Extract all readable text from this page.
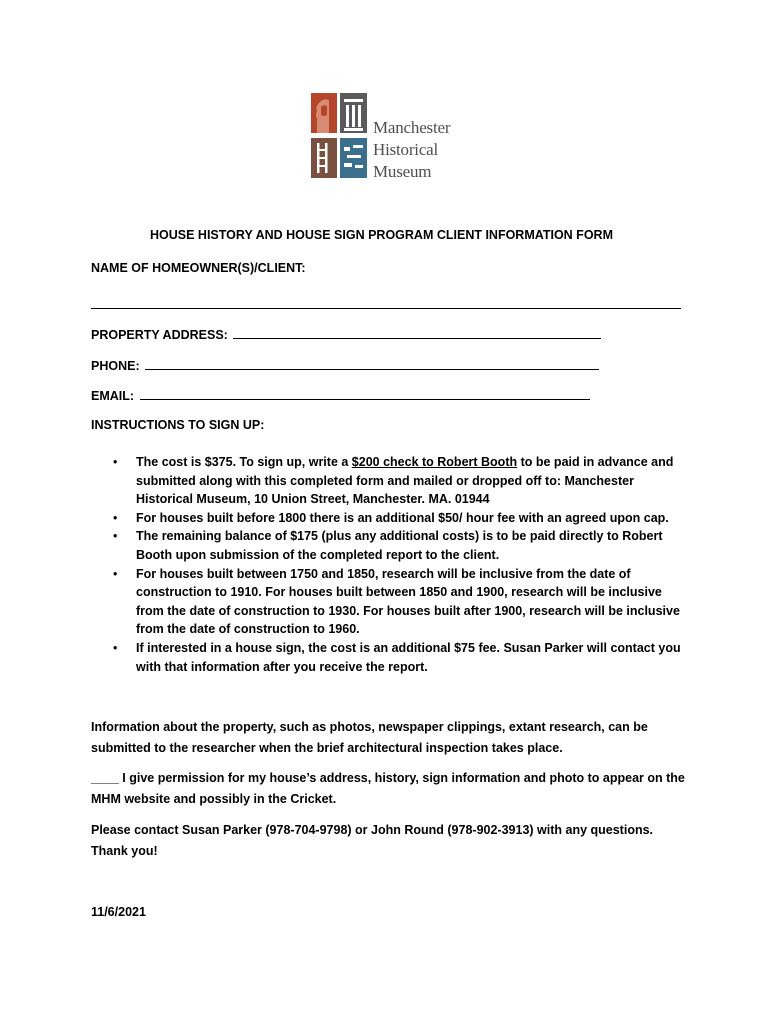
Manchester
Historical
Museum
HOUSE HISTORY AND HOUSE SIGN PROGRAM CLIENT INFORMATION FORM
NAME OF HOMEOWNER(S)/CLIENT:
PROPERTY ADDRESS:
PHONE:
EMAIL:
INSTRUCTIONS TO SIGN UP:
• The cost is $375. To sign up, write a $200 check to Robert Booth to be paid in advance and submitted along with this completed form and mailed or dropped off to: Manchester Historical Museum, 10 Union Street, Manchester. MA. 01944
• For houses built before 1800 there is an additional $50/ hour fee with an agreed upon cap.
• The remaining balance of $175 (plus any additional costs) is to be paid directly to Robert Booth upon submission of the completed report to the client.
• For houses built between 1750 and 1850, research will be inclusive from the date of construction to 1910. For houses built between 1850 and 1900, research will be inclusive from the date of construction to 1930. For houses built after 1900, research will be inclusive from the date of construction to 1960.
• If interested in a house sign, the cost is an additional $75 fee. Susan Parker will contact you with that information after you receive the report.
Information about the property, such as photos, newspaper clippings, extant research, can be submitted to the researcher when the brief architectural inspection takes place.
____ I give permission for my house’s address, history, sign information and photo to appear on the MHM website and possibly in the Cricket.
Please contact Susan Parker (978-704-9798) or John Round (978-902-3913) with any questions. Thank you!
11/6/2021
